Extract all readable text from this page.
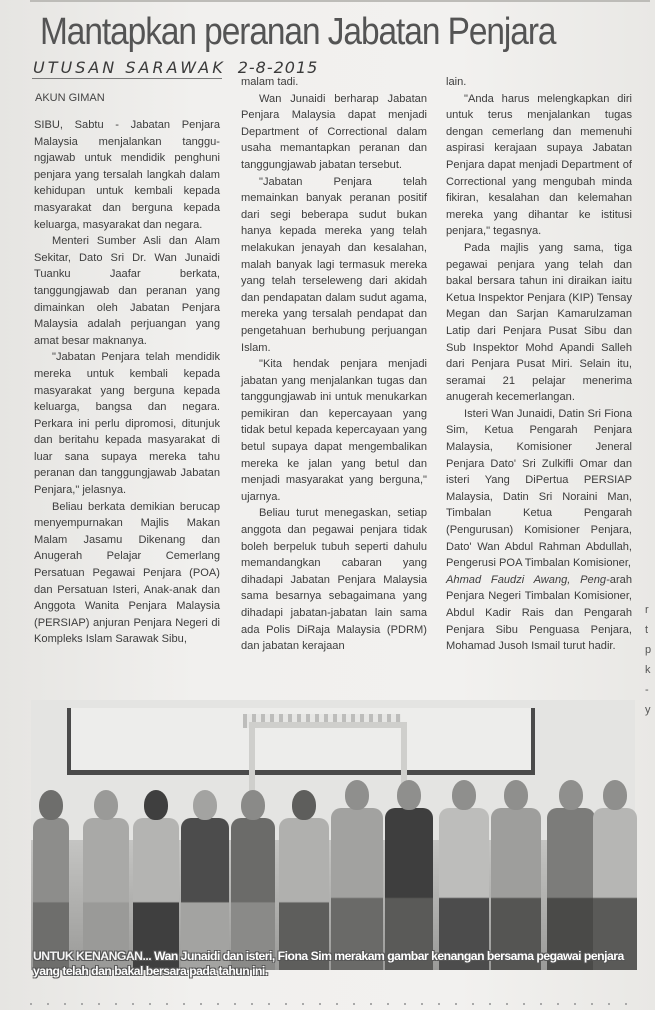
Mantapkan peranan Jabatan Penjara
UTUSAN SARAWAK 2-8-2015
AKUN GIMAN

SIBU, Sabtu - Jabatan Penjara Malaysia menjalankan tanggu-ngjawab untuk mendidik penghuni penjara yang tersalah langkah dalam kehidupan untuk kembali kepada masyarakat dan berguna kepada keluarga, masyarakat dan negara.

Menteri Sumber Asli dan Alam Sekitar, Dato Sri Dr. Wan Junaidi Tuanku Jaafar berkata, tanggungjawab dan peranan yang dimainkan oleh Jabatan Penjara Malaysia adalah perjuangan yang amat besar maknanya.

"Jabatan Penjara telah mendidik mereka untuk kembali kepada masyarakat yang berguna kepada keluarga, bangsa dan negara. Perkara ini perlu dipromosi, ditunjuk dan beritahu kepada masyarakat di luar sana supaya mereka tahu peranan dan tanggungjawab Jabatan Penjara," jelasnya.

Beliau berkata demikian berucap menyempurnakan Majlis Makan Malam Jasamu Dikenang dan Anugerah Pelajar Cemerlang Persatuan Pegawai Penjara (POA) dan Persatuan Isteri, Anak-anak dan Anggota Wanita Penjara Malaysia (PERSIAP) anjuran Penjara Negeri di Kompleks Islam Sarawak Sibu,

malam tadi.

Wan Junaidi berharap Jabatan Penjara Malaysia dapat menjadi Department of Correctional dalam usaha memantapkan peranan dan tanggungjawab jabatan tersebut.

"Jabatan Penjara telah memainkan banyak peranan positif dari segi beberapa sudut bukan hanya kepada mereka yang telah melakukan jenayah dan kesalahan, malah banyak lagi termasuk mereka yang telah terseleweng dari akidah dan pendapatan dalam sudut agama, mereka yang tersalah pendapat dan pengetahuan berhubung perjuangan Islam.

"Kita hendak penjara menjadi jabatan yang menjalankan tugas dan tanggungjawab ini untuk menukarkan pemikiran dan kepercayaan yang tidak betul kepada kepercayaan yang betul supaya dapat mengembalikan mereka ke jalan yang betul dan menjadi masyarakat yang berguna," ujarnya.

Beliau turut menegaskan, setiap anggota dan pegawai penjara tidak boleh berpeluk tubuh seperti dahulu memandangkan cabaran yang dihadapi Jabatan Penjara Malaysia sama besarnya sebagaimana yang dihadapi jabatan-jabatan lain sama ada Polis DiRaja Malaysia (PDRM) dan jabatan kerajaan

lain.

"Anda harus melengkapkan diri untuk terus menjalankan tugas dengan cemerlang dan memenuhi aspirasi kerajaan supaya Jabatan Penjara dapat menjadi Department of Correctional yang mengubah minda fikiran, kesalahan dan kelemahan mereka yang dihantar ke istitusi penjara," tegasnya.

Pada majlis yang sama, tiga pegawai penjara yang telah dan bakal bersara tahun ini diraikan iaitu Ketua Inspektor Penjara (KIP) Tensay Megan dan Sarjan Kamarulzaman Latip dari Penjara Pusat Sibu dan Sub Inspektor Mohd Apandi Salleh dari Penjara Pusat Miri. Selain itu, seramai 21 pelajar menerima anugerah kecemerlangan.

Isteri Wan Junaidi, Datin Sri Fiona Sim, Ketua Pengarah Penjara Malaysia, Komisioner Jeneral Penjara Dato' Sri Zulkifli Omar dan isteri Yang DiPertua PERSIAP Malaysia, Datin Sri Noraini Man, Timbalan Ketua Pengarah (Pengurusan) Komisioner Penjara, Dato' Wan Abdul Rahman Abdullah, Pengerusi POA Timbalan Komisioner,

Ahmad Faudzi Awang, Peng-arah Penjara Negeri Timbalan Komisioner, Abdul Kadir Rais dan Pengarah Penjara Sibu Penguasa Penjara, Mohamad Jusoh Ismail turut hadir.

r
t
p
k
-
y
UNTUK KENANGAN... Wan Junaidi dan isteri, Fiona Sim merakam gambar kenangan bersama pegawai penjara yang telah dan bakal bersara pada tahun ini.
